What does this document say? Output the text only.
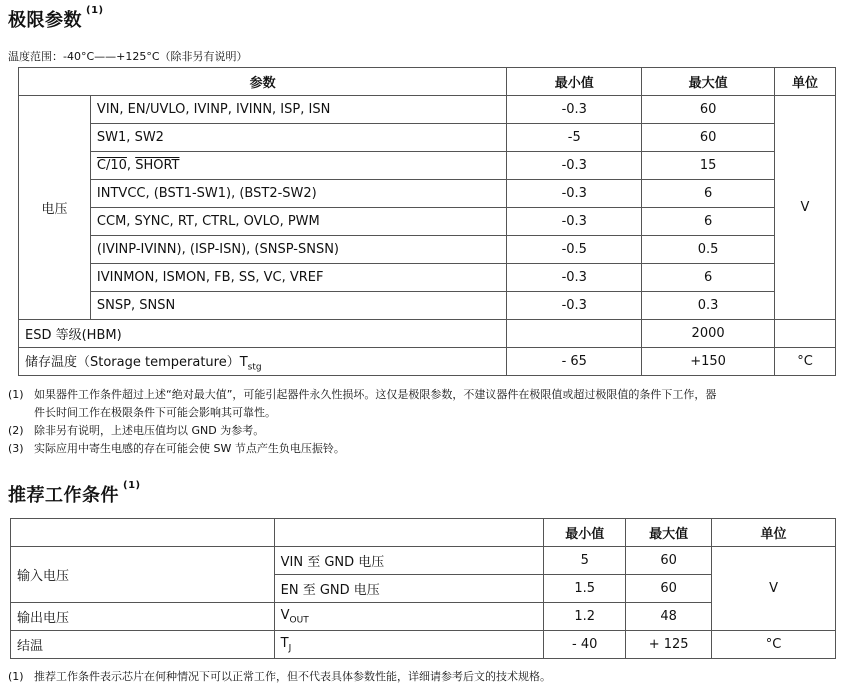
极限参数 $^{(1)}$
温度范围：-40°C——+125°C（除非另有说明）
参数		最小值	最大值	单位
电压	VIN, EN/UVLO, IVINP, IVINN, ISP, ISN	-0.3	60	V
	SW1, SW2	-5	60	
	C/10, SHORT	-0.3	15	
	INTVCC, (BST1-SW1), (BST2-SW2)	-0.3	6	
	CCM, SYNC, RT, CTRL, OVLO, PWM	-0.3	6	
	(IVINP-IVINN), (ISP-ISN), (SNSP-SNSN)	-0.5	0.5	
	IVINMON, ISMON, FB, SS, VC, VREF	-0.3	6	
	SNSP, SNSN	-0.3	0.3	
ESD 等级(HBM)			2000	
储存温度（Storage $temperature)T_{stg}$		- 65	+150	°C
(1) 如果器件工作条件超过上述“绝对最大值”，可能引起器件永久性损坏。这仅是极限参数，不建议器件在极限值或超过极限值的条件下工作，器
件长时间工作在极限条件下可能会影响其可靠性。
(2) 除非另有说明，上述电压值均以 GND 为参考。
(3) 实际应用中寄生电感的存在可能会使 SW 节点产生负电压振铃。
推荐工作条件 $^{(1)}$
		最小值	最大值	单位
输入电压	VIN 至 GND 电压	5	60	V
	EN 至 GND 电压	1.5	60	
输出电压	$V_{OUT}$	1.2	48	
结温	$T_J$	- 40	+ 125	°C
(1) 推荐工作条件表示芯片在何种情况下可以正常工作，但不代表具体参数性能，详细请参考后文的技术规格。
